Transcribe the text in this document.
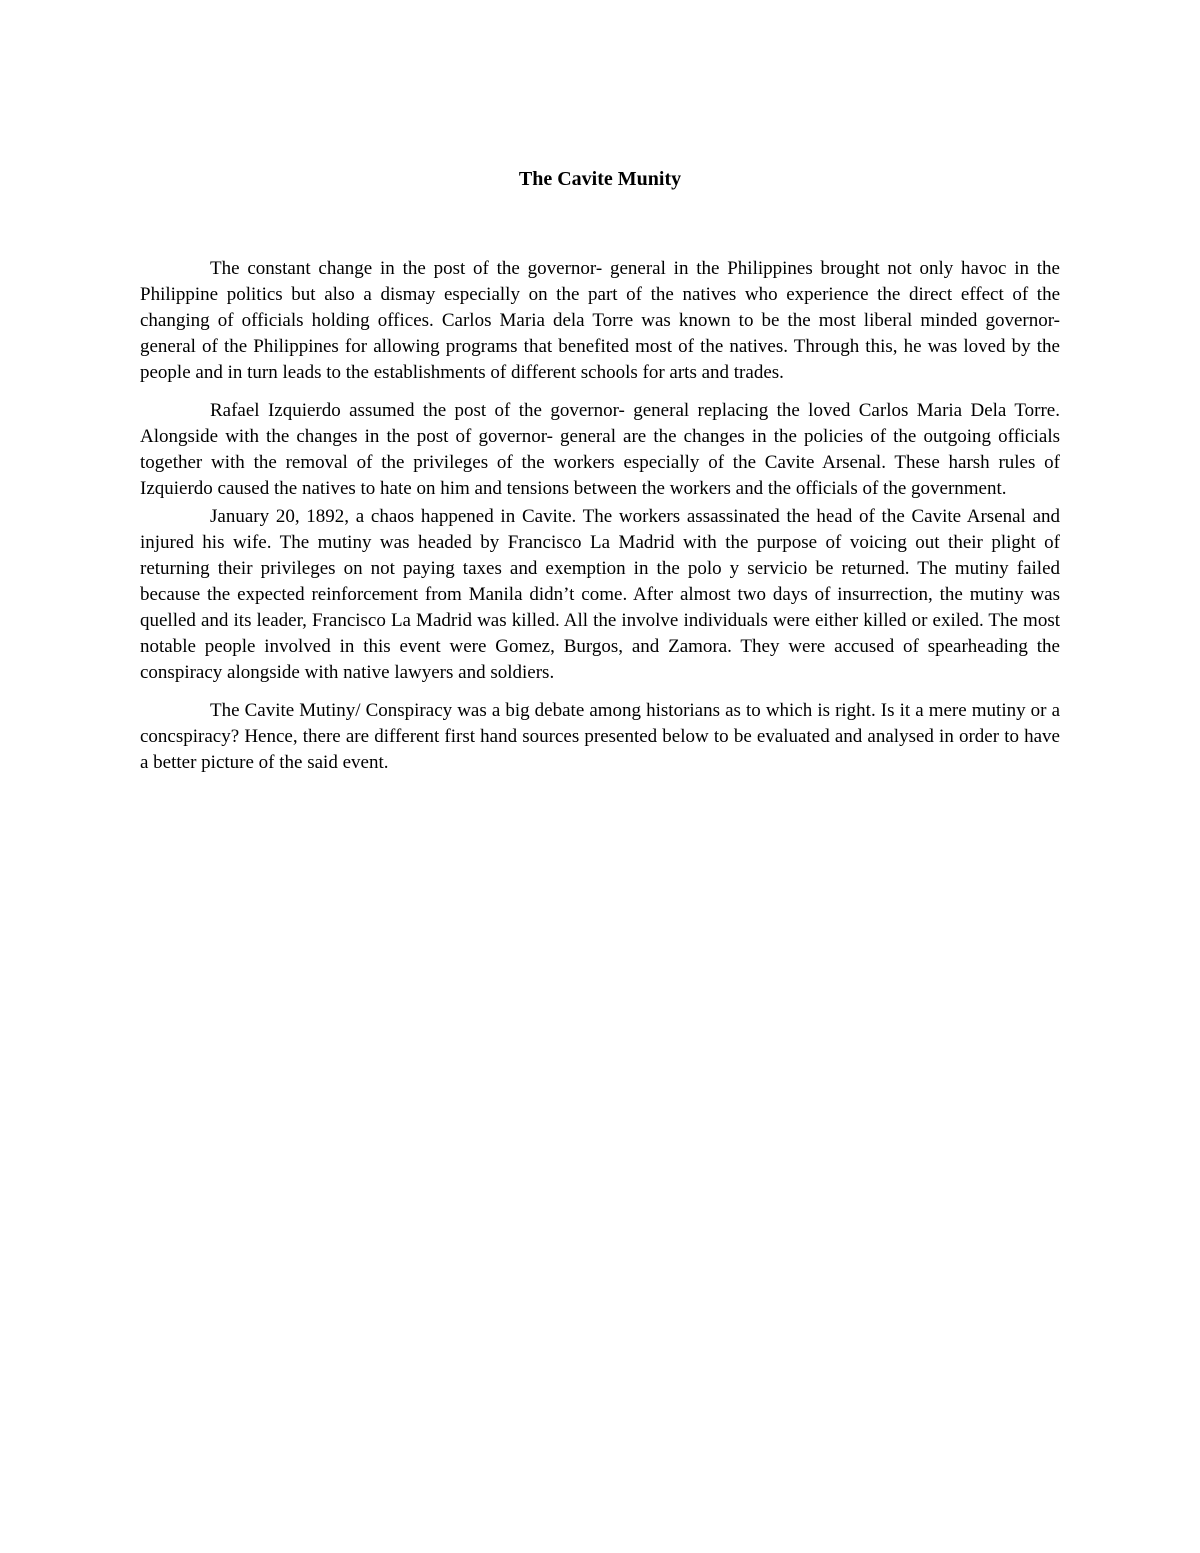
The Cavite Munity

The constant change in the post of the governor- general in the Philippines brought not only havoc in the Philippine politics but also a dismay especially on the part of the natives who experience the direct effect of the changing of officials holding offices. Carlos Maria dela Torre was known to be the most liberal minded governor- general of the Philippines for allowing programs that benefited most of the natives. Through this, he was loved by the people and in turn leads to the establishments of different schools for arts and trades.

Rafael Izquierdo assumed the post of the governor- general replacing the loved Carlos Maria Dela Torre. Alongside with the changes in the post of governor- general are the changes in the policies of the outgoing officials together with the removal of the privileges of the workers especially of the Cavite Arsenal. These harsh rules of Izquierdo caused the natives to hate on him and tensions between the workers and the officials of the government.

January 20, 1892, a chaos happened in Cavite. The workers assassinated the head of the Cavite Arsenal and injured his wife. The mutiny was headed by Francisco La Madrid with the purpose of voicing out their plight of returning their privileges on not paying taxes and exemption in the polo y servicio be returned. The mutiny failed because the expected reinforcement from Manila didn’t come. After almost two days of insurrection, the mutiny was quelled and its leader, Francisco La Madrid was killed. All the involve individuals were either killed or exiled. The most notable people involved in this event were Gomez, Burgos, and Zamora. They were accused of spearheading the conspiracy alongside with native lawyers and soldiers.

The Cavite Mutiny/ Conspiracy was a big debate among historians as to which is right. Is it a mere mutiny or a concspiracy? Hence, there are different first hand sources presented below to be evaluated and analysed in order to have a better picture of the said event.
